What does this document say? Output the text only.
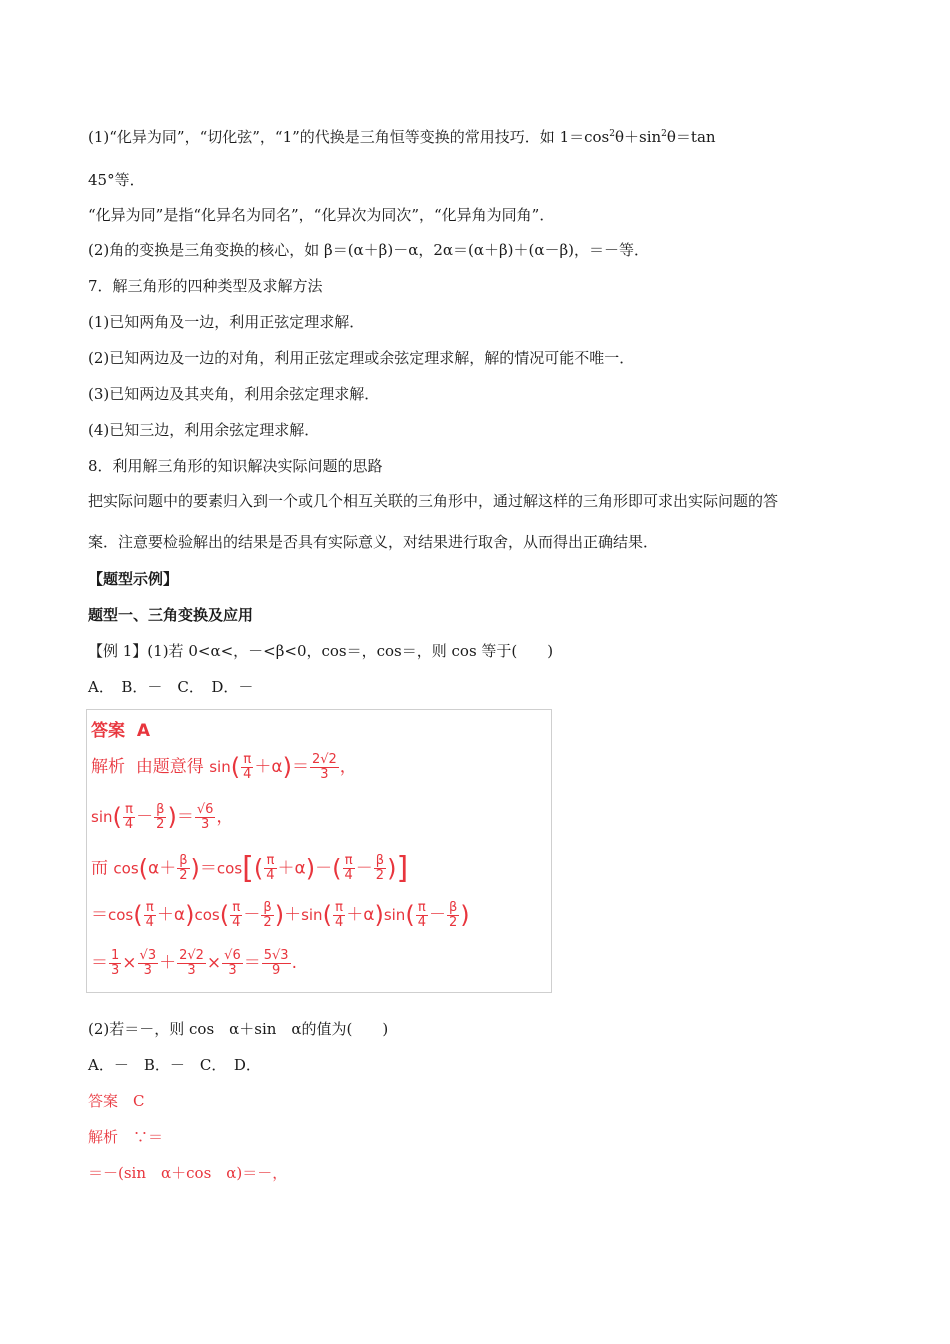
(1)“化异为同”，“切化弦”，“1”的代换是三角恒等变换的常用技巧．如 $1=\cos^2\theta+\sin^2\theta=\tan$
45°等．
“化异为同”是指“化异名为同名”，“化异次为同次”，“化异角为同角”．
(2)角的变换是三角变换的核心，如 β＝(α＋β)－α，2α＝(α＋β)＋(α－β)，＝－等．
7．解三角形的四种类型及求解方法
(1)已知两角及一边，利用正弦定理求解．
(2)已知两边及一边的对角，利用正弦定理或余弦定理求解，解的情况可能不唯一．
(3)已知两边及其夹角，利用余弦定理求解．
(4)已知三边，利用余弦定理求解．
8．利用解三角形的知识解决实际问题的思路
把实际问题中的要素归入到一个或几个相互关联的三角形中，通过解这样的三角形即可求出实际问题的答
案．注意要检验解出的结果是否具有实际意义，对结果进行取舍，从而得出正确结果．
【题型示例】
题型一、三角变换及应用
【例 1】(1)若 0<α<，－<β<0，cos＝，cos＝，则 cos 等于(　　)
A．　B．－　C．　D．－
答案 A
解析 由题意得 $\sin( \frac{\pi}{4} +\alpha)= \frac{2√2}{3}$ ，
$\sin( \frac{\pi}{4} - \frac{\beta}{2}$ )＝ $\frac{√6}{3}$ ，
而 $\cos(\alpha+ \frac{\beta}{2} )=\cos[( \frac{\pi}{4} +\alpha)-( \frac{\pi}{4} - \frac{\beta}{2}$ )]
$=\cos( \frac{\pi}{4} +\alpha)\cos( \frac{\pi}{4} - \frac{\beta}{2} )+\sin( \frac{\pi}{4} +\alpha)\sin( \frac{\pi}{4} - \frac{\beta}{2}$ )
＝ $\frac{1}{3} \times \frac{√3}{3} + \frac{2√2}{3} \times \frac{√6}{3} = \frac{5√3}{9}$ .
(2)若＝－，则 cos　α＋sin　α的值为(　　)
A．－　B．－　C．　D．
答案　C
解析　∵＝
＝－(sin　α＋cos　α)＝－，
